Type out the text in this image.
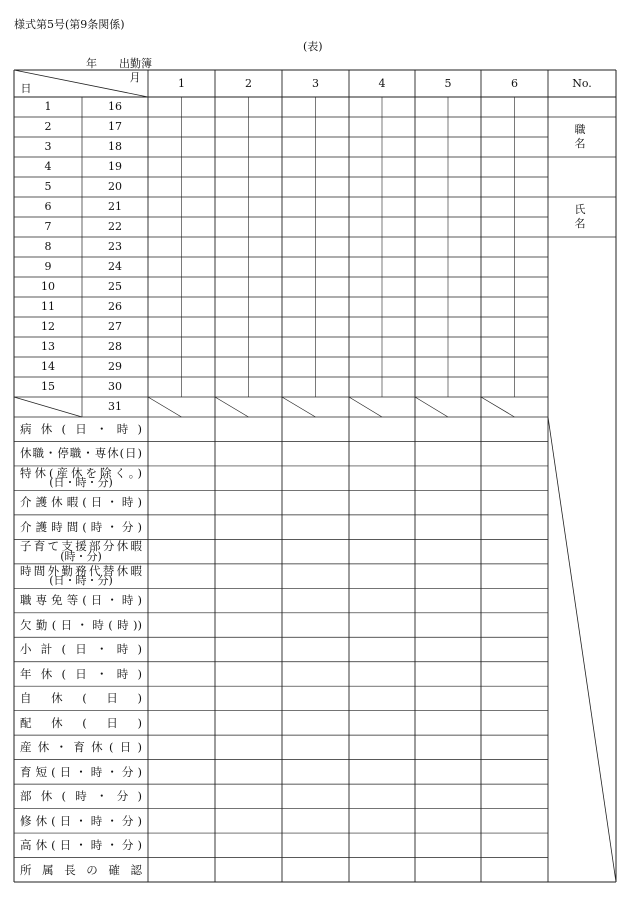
様式第5号(第9条関係)
(表)
年 出勤簿
月
日	1	2	3	4	5	6	No.
1	16
2	17
3	18
4	19
5	20
6	21
7	22
8	23
9	24
10	25
11	26
12	27
13	28
14	29
15	30
31
職
名
氏
名
病休(日・時)
休職・停職・専休(日)
特休(産休を除く。)
(日・時・分)
介護休暇(日・時)
介護時間(時・分)
子育て支援部分休暇
(時・分)
時間外勤務代替休暇
(日・時・分)
職専免等(日・時)
欠勤(日・時(時))
小計(日・時)
年休(日・時)
自休(日)
配休(日)
産休・育休(日)
育短(日・時・分)
部休(時・分)
修休(日・時・分)
高休(日・時・分)
所属長の確認
